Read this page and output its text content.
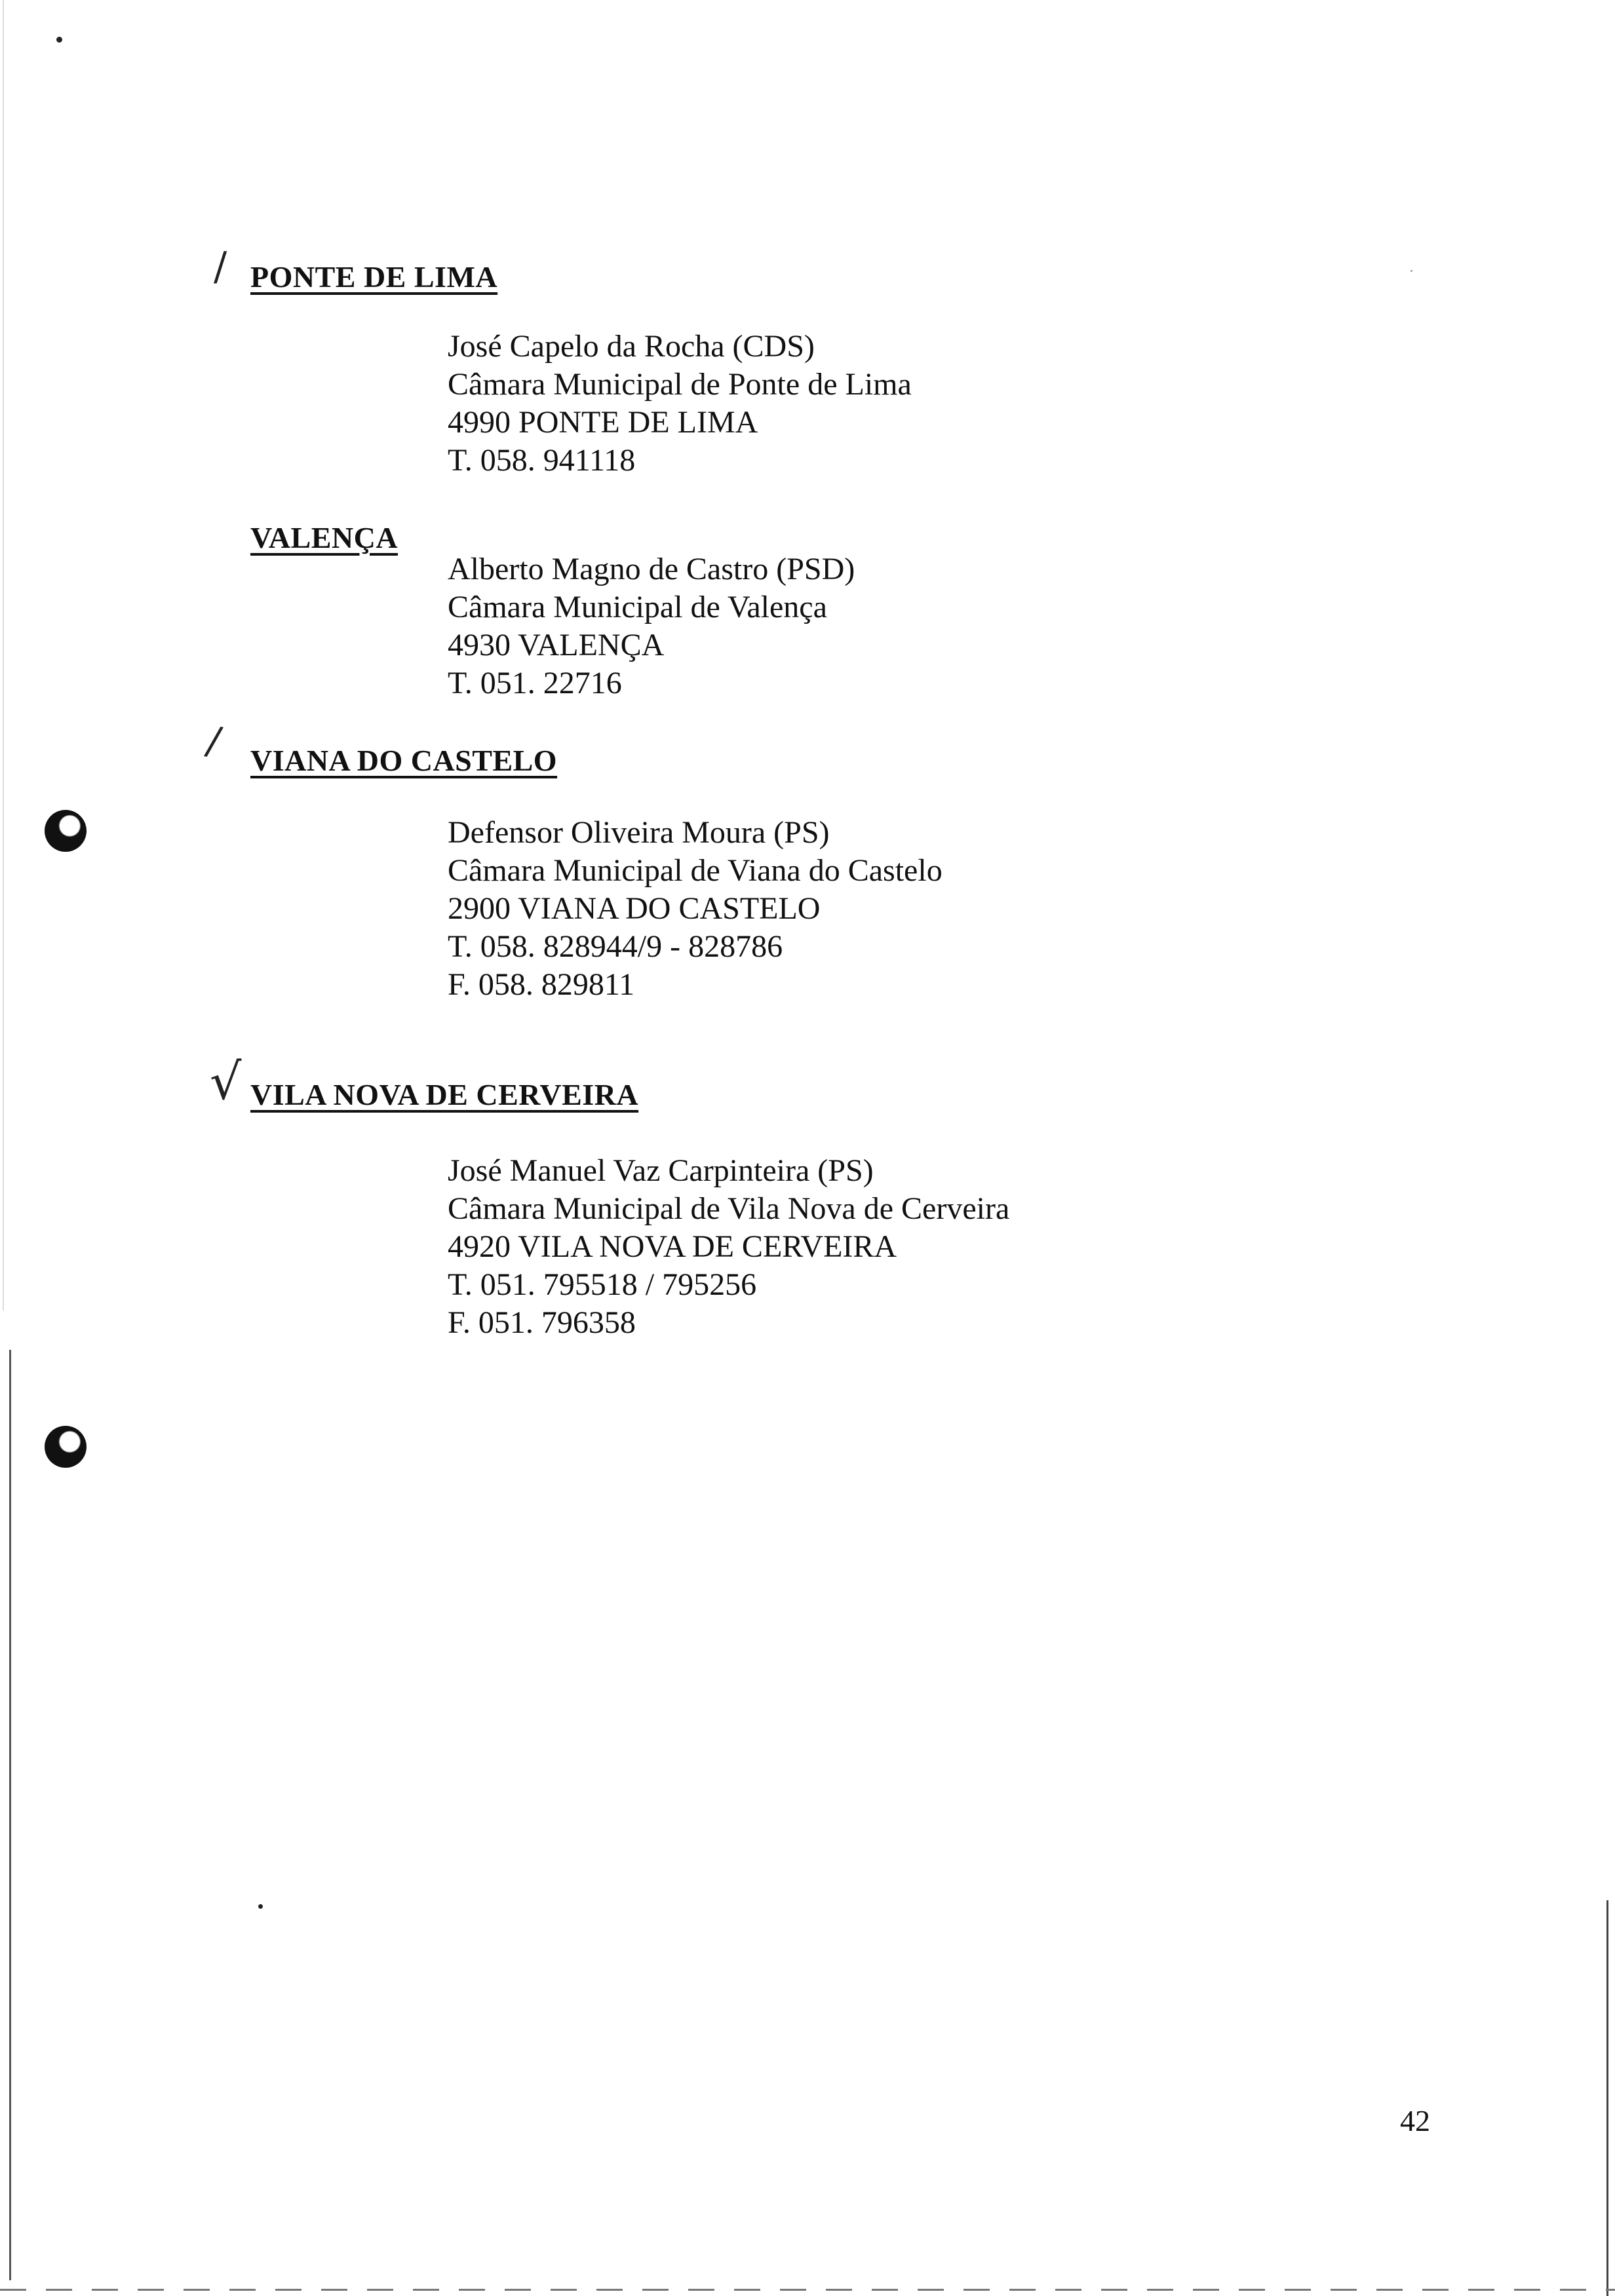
/ PONTE DE LIMA
José Capelo da Rocha (CDS)
Câmara Municipal de Ponte de Lima
4990 PONTE DE LIMA
T. 058. 941118
VALENÇA
Alberto Magno de Castro (PSD)
Câmara Municipal de Valença
4930 VALENÇA
T. 051. 22716
/ VIANA DO CASTELO
Defensor Oliveira Moura (PS)
Câmara Municipal de Viana do Castelo
2900 VIANA DO CASTELO
T. 058. 828944/9 - 828786
F. 058. 829811
√ VILA NOVA DE CERVEIRA
José Manuel Vaz Carpinteira (PS)
Câmara Municipal de Vila Nova de Cerveira
4920 VILA NOVA DE CERVEIRA
T. 051. 795518 / 795256
F. 051. 796358
42
